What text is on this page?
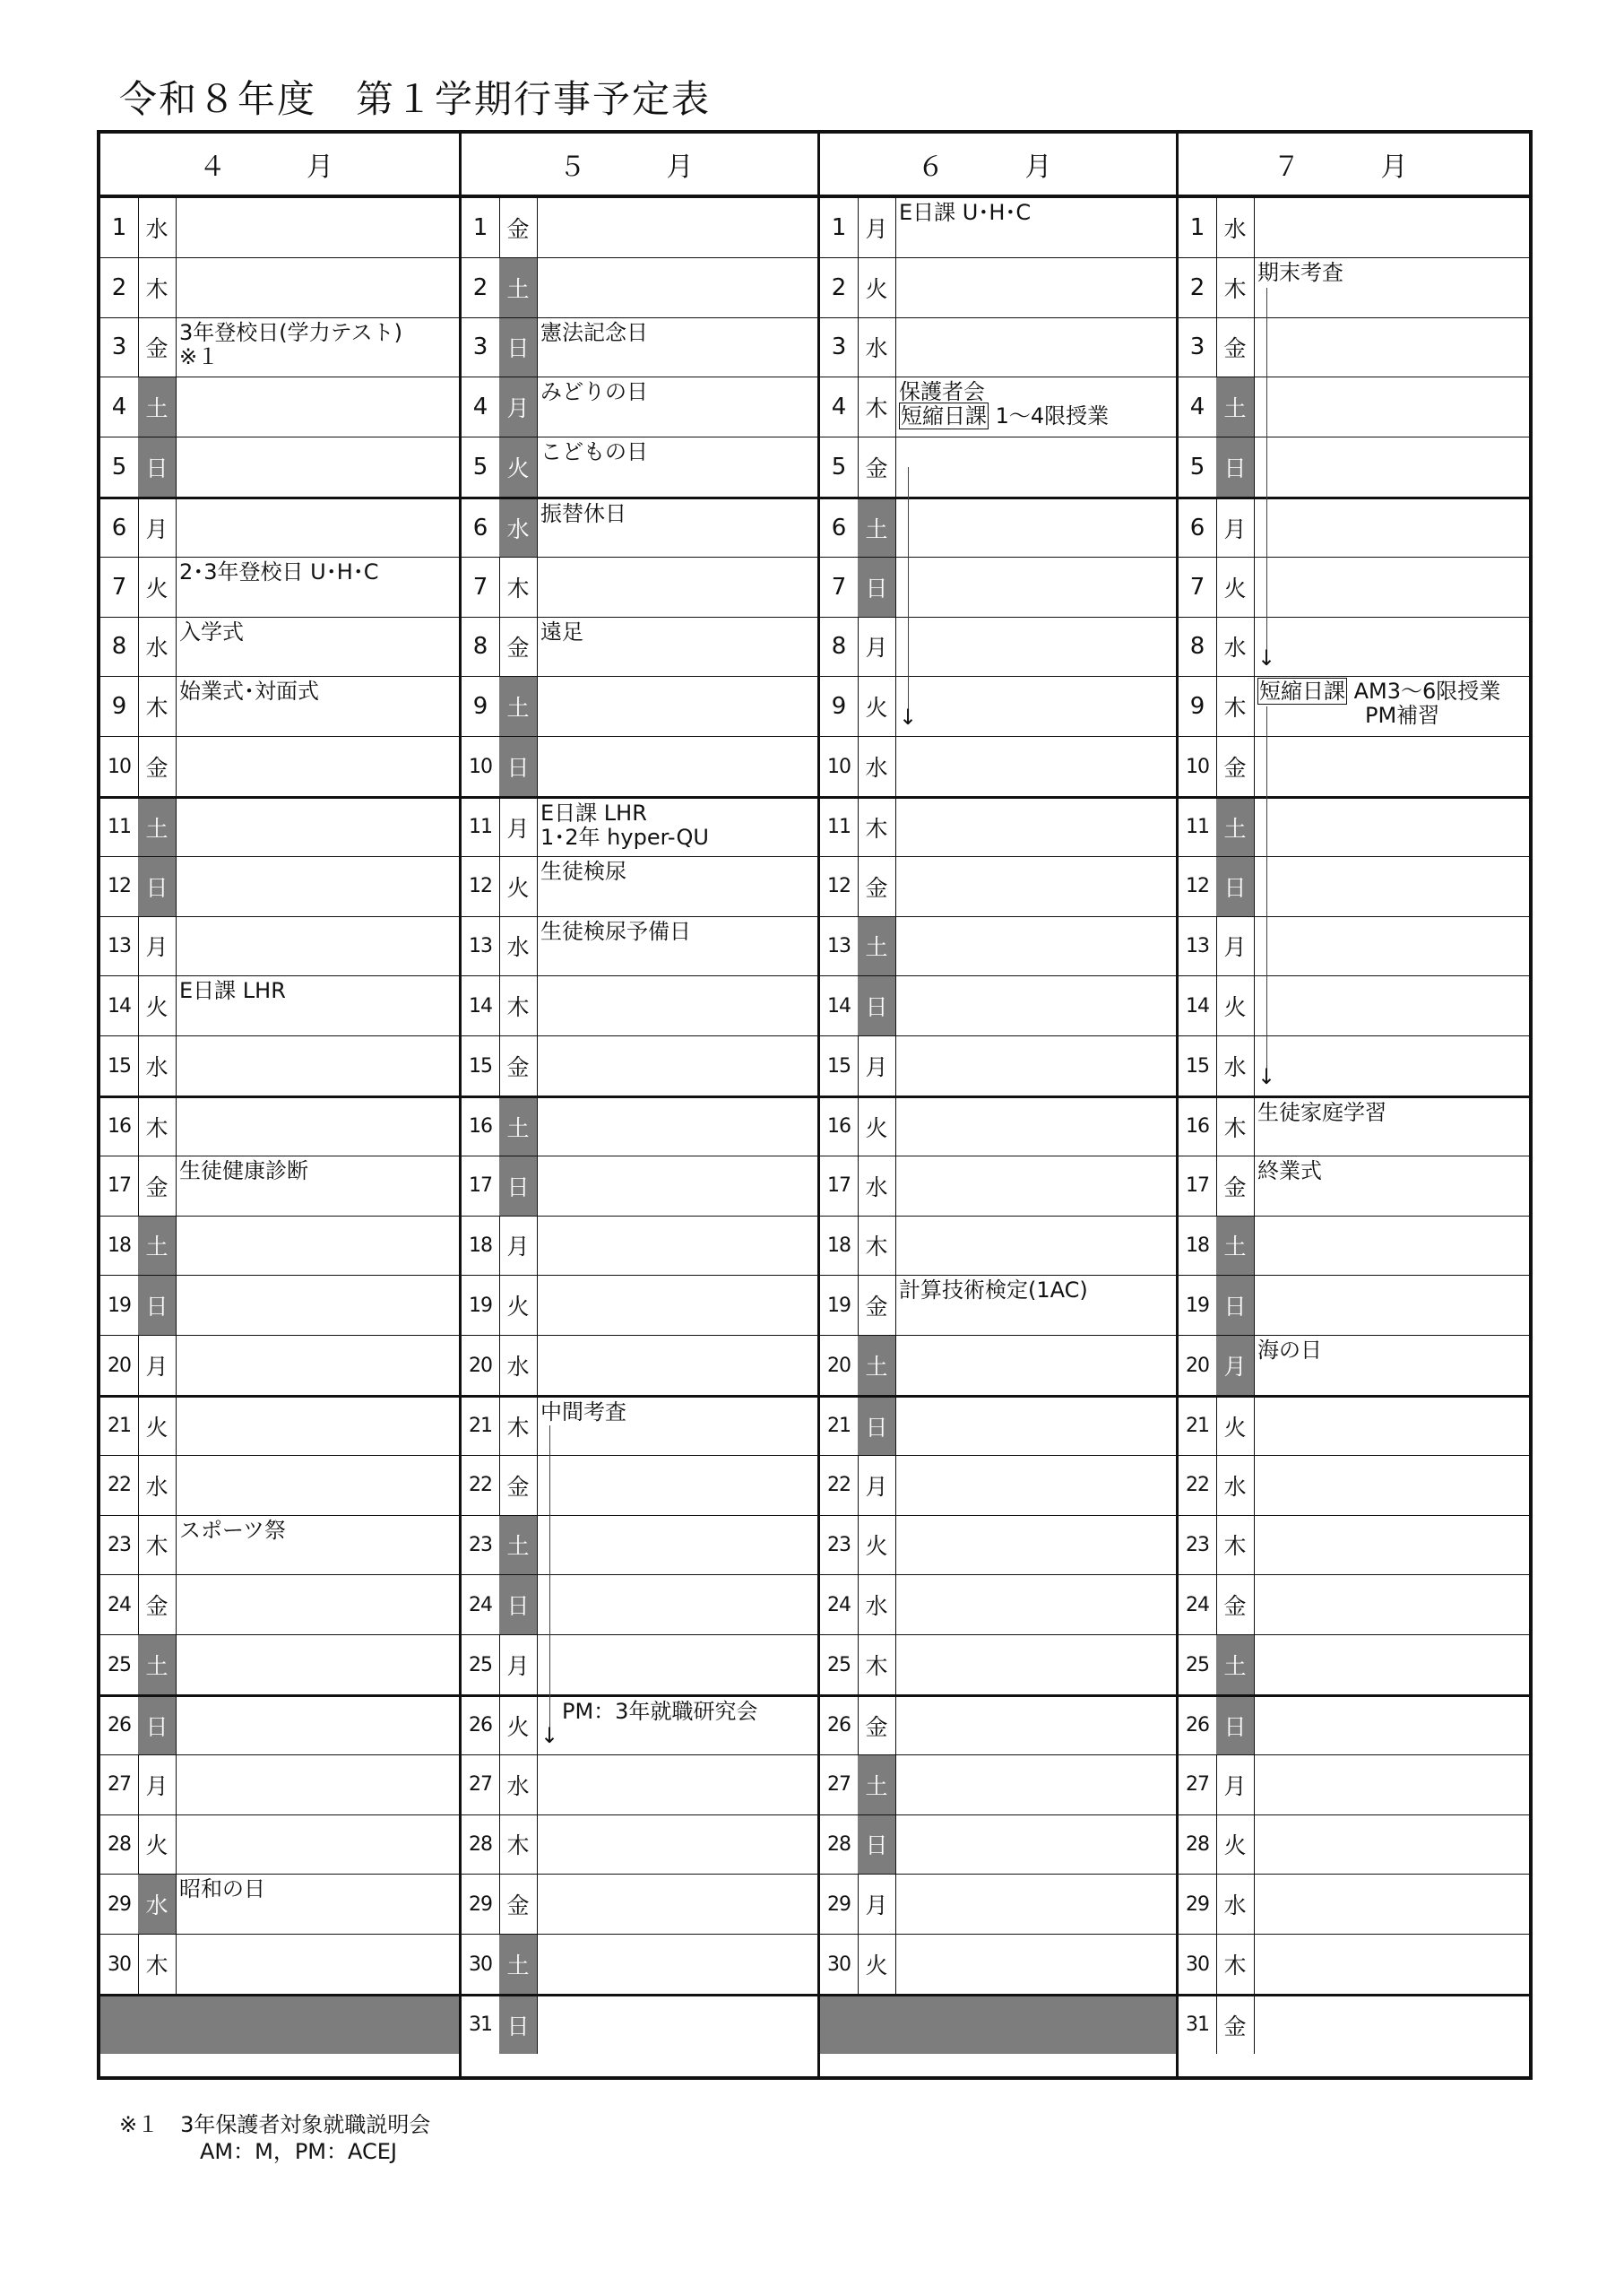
令和８年度　第１学期行事予定表
４　月
1 水
2 木
3 金
3年登校日(学力テスト)
※１
4 土
5 日
6 月
7 火
2･3年登校日 U･H･C
8 水
入学式
9 木
始業式･対面式
10 金
11 土
12 日
13 月
14 火
E日課 LHR
15 水
16 木
17 金
生徒健康診断
18 土
19 日
20 月
21 火
22 水
23 木
スポーツ祭
24 金
25 土
26 日
27 月
28 火
29 水
昭和の日
30 木
５　月
1 金
2 土
3 日
憲法記念日
4 月
みどりの日
5 火
こどもの日
6 水
振替休日
7 木
8 金
遠足
9 土
10 日
11 月
E日課 LHR
1･2年 hyper-QU
12 火
生徒検尿
13 水
生徒検尿予備日
14 木
15 金
16 土
17 日
18 月
19 火
20 水
21 木
中間考査
22 金
23 土
24 日
25 月
26 火
　PM：3年就職研究会
27 水
28 木
29 金
30 土
31 日
↓
６　月
1 月
E日課 U･H･C
2 火
3 水
4 木
保護者会
短縮日課 1〜4限授業
5 金
6 土
7 日
8 月
9 火
10 水
11 木
12 金
13 土
14 日
15 月
16 火
17 水
18 木
19 金
計算技術検定(1AC)
20 土
21 日
22 月
23 火
24 水
25 木
26 金
27 土
28 日
29 月
30 火
↓
７　月
1 水
2 木
期末考査
3 金
4 土
5 日
6 月
7 火
8 水
9 木
短縮日課 AM3〜6限授業
　　　　　PM補習
10 金
11 土
12 日
13 月
14 火
15 水
16 木
生徒家庭学習
17 金
終業式
18 土
19 日
20 月
海の日
21 火
22 水
23 木
24 金
25 土
26 日
27 月
28 火
29 水
30 木
31 金
↓
↓
※１　3年保護者対象就職説明会
AM：M，PM：ACEJ
